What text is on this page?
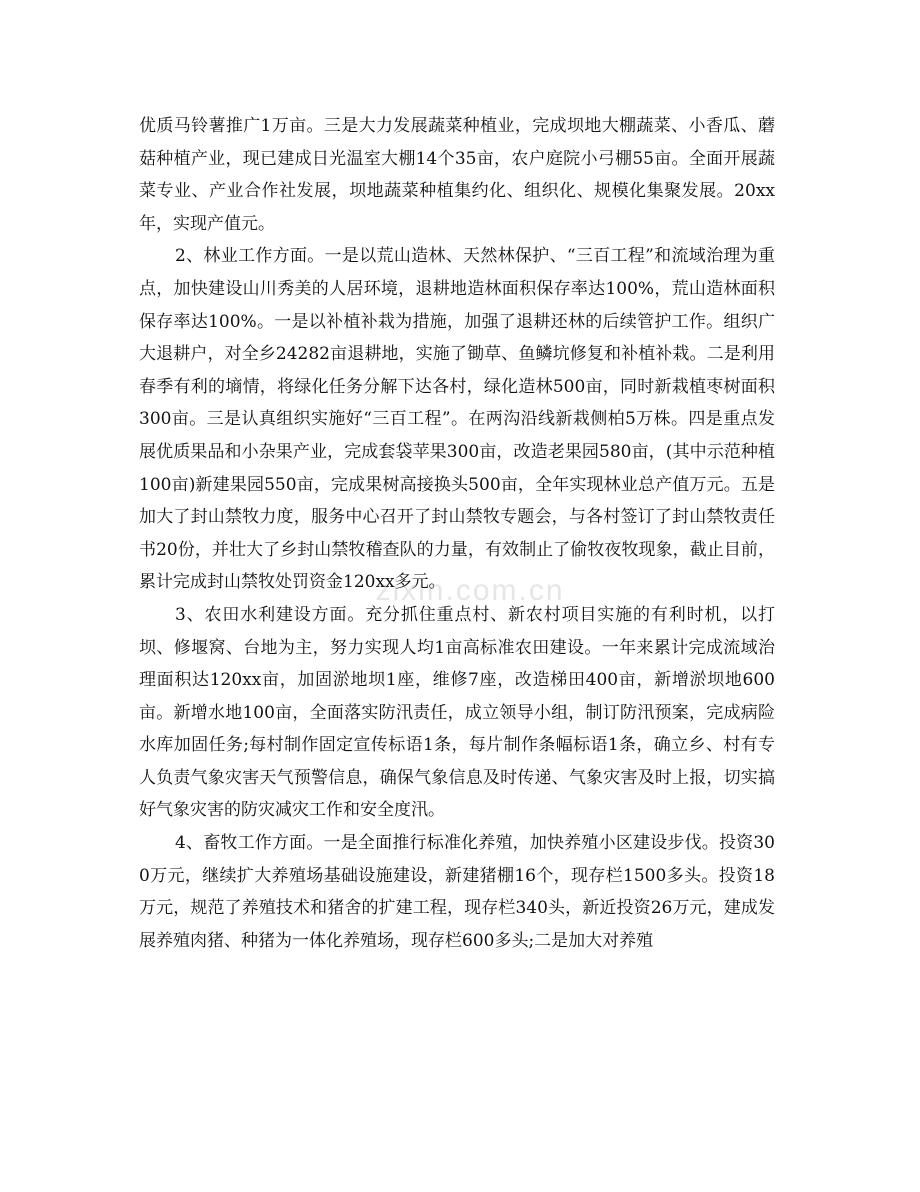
zixin.com.cn

优质马铃薯推广1万亩。三是大力发展蔬菜种植业，完成坝地大棚蔬菜、小香瓜、蘑菇种植产业，现已建成日光温室大棚14个35亩，农户庭院小弓棚55亩。全面开展蔬菜专业、产业合作社发展，坝地蔬菜种植集约化、组织化、规模化集聚发展。20xx年，实现产值元。

2、林业工作方面。一是以荒山造林、天然林保护、“三百工程”和流域治理为重点，加快建设山川秀美的人居环境，退耕地造林面积保存率达100%，荒山造林面积保存率达100%。一是以补植补栽为措施，加强了退耕还林的后续管护工作。组织广大退耕户，对全乡24282亩退耕地，实施了锄草、鱼鳞坑修复和补植补栽。二是利用春季有利的墒情，将绿化任务分解下达各村，绿化造林500亩，同时新栽植枣树面积300亩。三是认真组织实施好“三百工程”。在两沟沿线新栽侧柏5万株。四是重点发展优质果品和小杂果产业，完成套袋苹果300亩，改造老果园580亩，(其中示范种植100亩)新建果园550亩，完成果树高接换头500亩，全年实现林业总产值万元。五是加大了封山禁牧力度，服务中心召开了封山禁牧专题会，与各村签订了封山禁牧责任书20份，并壮大了乡封山禁牧稽查队的力量，有效制止了偷牧夜牧现象，截止目前，累计完成封山禁牧处罚资金120xx多元。

3、农田水利建设方面。充分抓住重点村、新农村项目实施的有利时机，以打坝、修堰窝、台地为主，努力实现人均1亩高标准农田建设。一年来累计完成流域治理面积达120xx亩，加固淤地坝1座，维修7座，改造梯田400亩，新增淤坝地600亩。新增水地100亩，全面落实防汛责任，成立领导小组，制订防汛预案，完成病险水库加固任务;每村制作固定宣传标语1条，每片制作条幅标语1条，确立乡、村有专人负责气象灾害天气预警信息，确保气象信息及时传递、气象灾害及时上报，切实搞好气象灾害的防灾减灾工作和安全度汛。

4、畜牧工作方面。一是全面推行标准化养殖，加快养殖小区建设步伐。投资300万元，继续扩大养殖场基础设施建设，新建猪棚16个，现存栏1500多头。投资18万元，规范了养殖技术和猪舍的扩建工程，现存栏340头，新近投资26万元，建成发展养殖肉猪、种猪为一体化养殖场，现存栏600多头;二是加大对养殖
